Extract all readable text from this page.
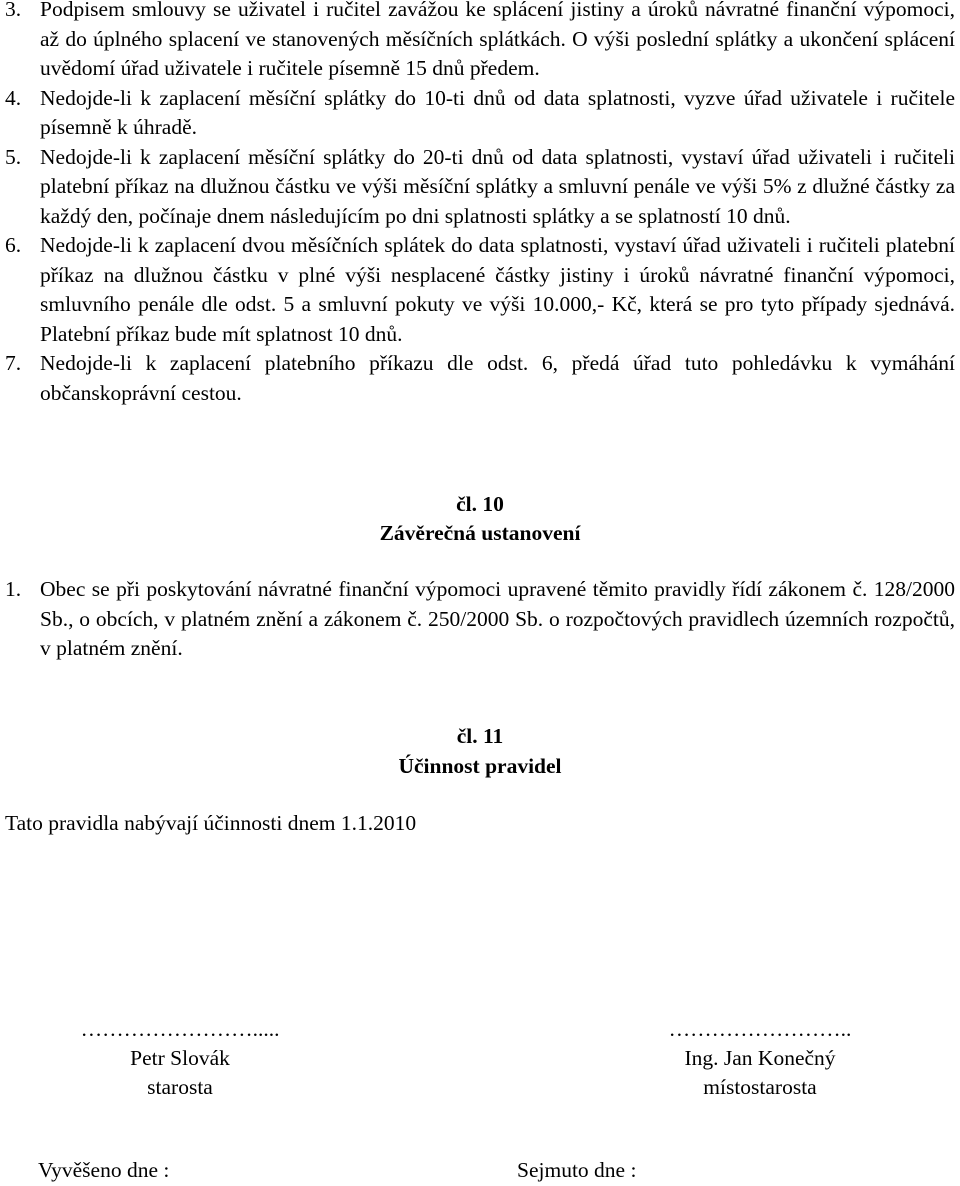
3. Podpisem smlouvy se uživatel i ručitel zavážou ke splácení jistiny a úroků návratné finanční výpomoci, až do úplného splacení ve stanovených měsíčních splátkách. O výši poslední splátky a ukončení splácení uvědomí úřad uživatele i ručitele písemně 15 dnů předem.
4. Nedojde-li k zaplacení měsíční splátky do 10-ti dnů od data splatnosti, vyzve úřad uživatele i ručitele písemně k úhradě.
5. Nedojde-li k zaplacení měsíční splátky do 20-ti dnů od data splatnosti, vystaví úřad uživateli i ručiteli platební příkaz na dlužnou částku ve výši měsíční splátky a smluvní penále ve výši 5% z dlužné částky za každý den, počínaje dnem následujícím po dni splatnosti splátky a se splatností 10 dnů.
6. Nedojde-li k zaplacení dvou měsíčních splátek do data splatnosti, vystaví úřad uživateli i ručiteli platební příkaz na dlužnou částku v plné výši nesplacené částky jistiny i úroků návratné finanční výpomoci, smluvního penále dle odst. 5 a smluvní pokuty ve výši 10.000,- Kč, která se pro tyto případy sjednává. Platební příkaz bude mít splatnost 10 dnů.
7. Nedojde-li k zaplacení platebního příkazu dle odst. 6, předá úřad tuto pohledávku k vymáhání občanskoprávní cestou.
čl. 10
Závěrečná ustanovení
1. Obec se při poskytování návratné finanční výpomoci upravené těmito pravidly řídí zákonem č. 128/2000 Sb., o obcích, v platném znění a zákonem č. 250/2000 Sb. o rozpočtových pravidlech územních rozpočtů, v platném znění.
čl. 11
Účinnost pravidel
Tato pravidla nabývají účinnosti dnem 1.1.2010
…………………….....
Petr Slovák
starosta
……………………..
Ing. Jan Konečný
místostarosta
Vyvěšeno dne :	Sejmuto dne :
